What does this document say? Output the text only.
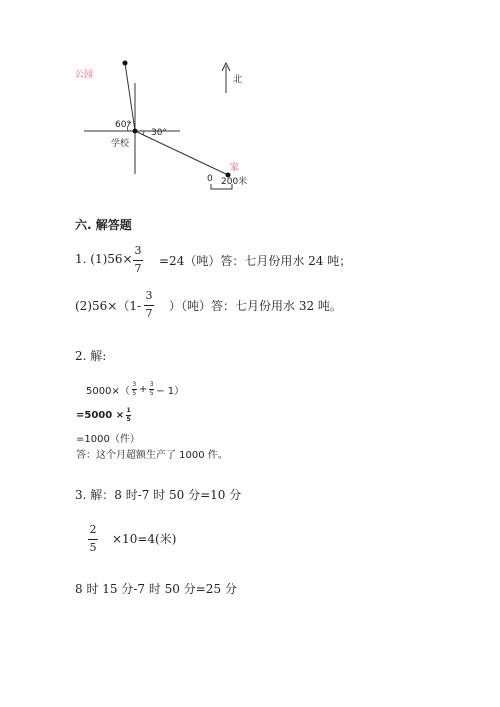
公园	北
60°
30°
学校
家
0 200米
六. 解答题
1. (1)56×
3
7
=24（吨）答：七月份用水 24 吨；
(2)56×（1-
3
7
）（吨）答：七月份用水 32 吨。
2. 解:
$5000\times( \frac{3}{5} + \frac{3}{5} - 1)$
$=5000 \times \frac{1}{5}$
=1000（件）
答：这个月超额生产了 1000 件。
3. 解：8 时-7 时 50 分=10 分
2
5
×10=4(米)
8 时 15 分-7 时 50 分=25 分
